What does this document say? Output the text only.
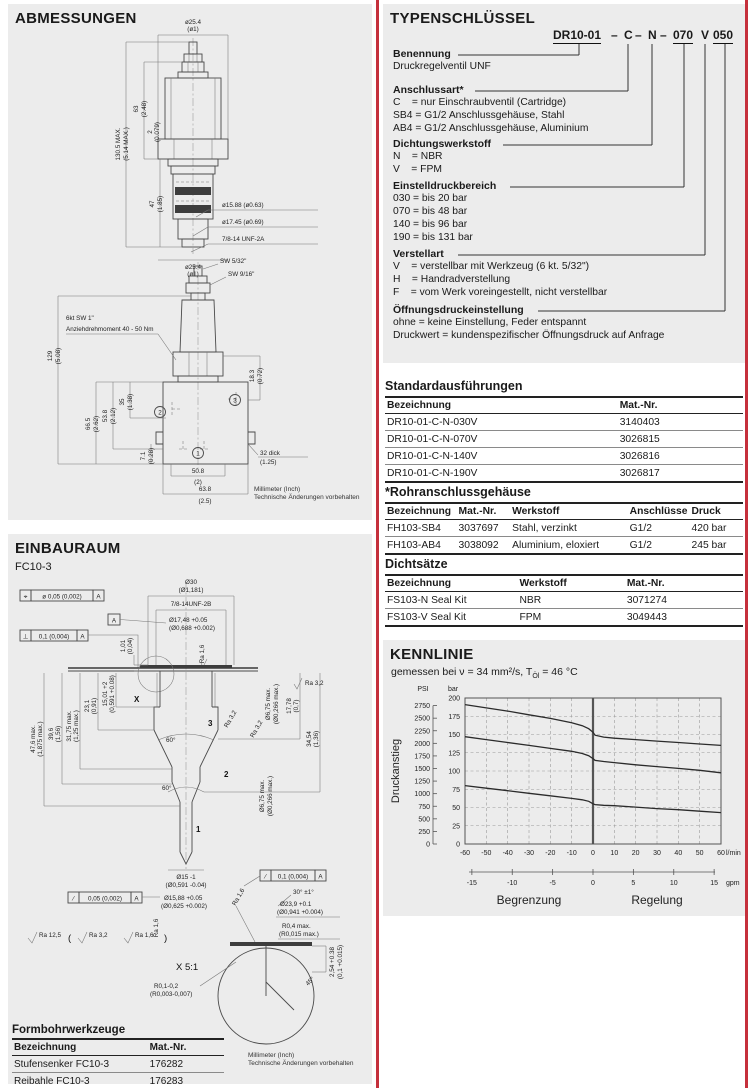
ABMESSUNGEN	ø25.4
(ø1)
130.5 MAX. (5.14 MAX.)
63 (2.48)
2 (0.079)
47 (1.85)	ø15.88 (ø0.63)
ø17.45 (ø0.69)
7/8-14 UNF-2A
ø25.4
(ø1)
2
3
1
SW 5/32"
SW 9/16"
6kt SW 1"
Anziehdrehmoment 40 - 50 Nm
129 (5.08)
66.5 (2.62) 53.8 (2.12)
35 (1.38)
7.1 (0.28)
18.3 (0.72)
32 dick
(1.25)
50.8
(2)
63.8
(2.5)
Millimeter (Inch)
Technische Änderungen vorbehalten
EINBAURAUM
FC10-3
Ø30
(Ø1,181)
7/8-14UNF-2B
A	Ø17,48 +0.05
(Ø0,688 +0.002)
⌖ ø 0,05 (0,002) A
⊥ 0,1 (0,004) A
Ra 1,6
X
3
2
1
60°
60°
47,6 max. (1,875 max.) 39,6 (1,56) 31,75 max. (1,25 max.)
23,1 (0,91) 15,01 +2 (0,591 +0.08)
1,01 (0,04)
Ra 3,2
Ra 3,2
Ra 3,2
Ø6,75 max. (Ø0,266 max.) 17,78 (0,7)
34,54 (1,36)
Ø6,75 max. (Ø0,266 max.)
Ø15 -1
(Ø0,591 -0.04)
∕ 0,05 (0,002) A	Ø15,88 +0.05
(Ø0,625 +0.002)
Ra 1,6
Ra 12,5 (	Ra 3,2	Ra 1,6 )
X 5:1
∕ 0,1 (0,004) A
Ra 1,6	30° ±1°
Ø23,9 +0.1
(Ø0,941 +0.004)
R0,4 max.
(R0,015 max.)
45°
2,54 +0.38 (0,1 +0.015)
R0,1-0,2
(R0,003-0,007)
Formbohrwerkzeuge
Bezeichnung	Mat.-Nr.
Stufensenker FC10-3	176282
Reibahle FC10-3	176283
Millimeter (Inch)
Technische Änderungen vorbehalten
TYPENSCHLÜSSEL
DR10-01 – C – N – 070 V 050
Benennung
Druckregelventil UNF
Anschlussart*
C    = nur Einschraubventil (Cartridge)
SB4 = G1/2 Anschlussgehäuse, Stahl
AB4 = G1/2 Anschlussgehäuse, Aluminium
Dichtungswerkstoff
N    = NBR
V    = FPM
Einstelldruckbereich
030 = bis 20 bar
070 = bis 48 bar
140 = bis 96 bar
190 = bis 131 bar
Verstellart
V    = verstellbar mit Werkzeug (6 kt. 5/32")
H    = Handradverstellung
F    = vom Werk voreingestellt, nicht verstellbar
Öffnungsdruckeinstellung
ohne = keine Einstellung, Feder entspannt
Druckwert = kundenspezifischer Öffnungsdruck auf Anfrage
Standardausführungen
Bezeichnung	Mat.-Nr.
DR10-01-C-N-030V	3140403
DR10-01-C-N-070V	3026815
DR10-01-C-N-140V	3026816
DR10-01-C-N-190V	3026817
*Rohranschlussgehäuse
Bezeichnung	Mat.-Nr.	Werkstoff	Anschlüsse	Druck
FH103-SB4	3037697	Stahl, verzinkt	G1/2	420 bar
FH103-AB4	3038092	Aluminium, eloxiert	G1/2	245 bar
Dichtsätze
Bezeichnung	Werkstoff	Mat.-Nr.
FS103-N Seal Kit	NBR	3071274
FS103-V Seal Kit	FPM	3049443
KENNLINIE
gemessen bei ν = 34 mm²/s, $T_{Öl} = 46$ °C
0
25
50
75
100
125
150
175
200
-60 -50 -40 -30 -20 -10 0 10 20 30 40 50 60
0
250
500
750
1000
1250
1500
1750
2000
2250
2500
2750
PSI	bar
l/min
-15	-10	-5	0	5	10	15 gpm
Begrenzung	Regelung
Druckanstieg
